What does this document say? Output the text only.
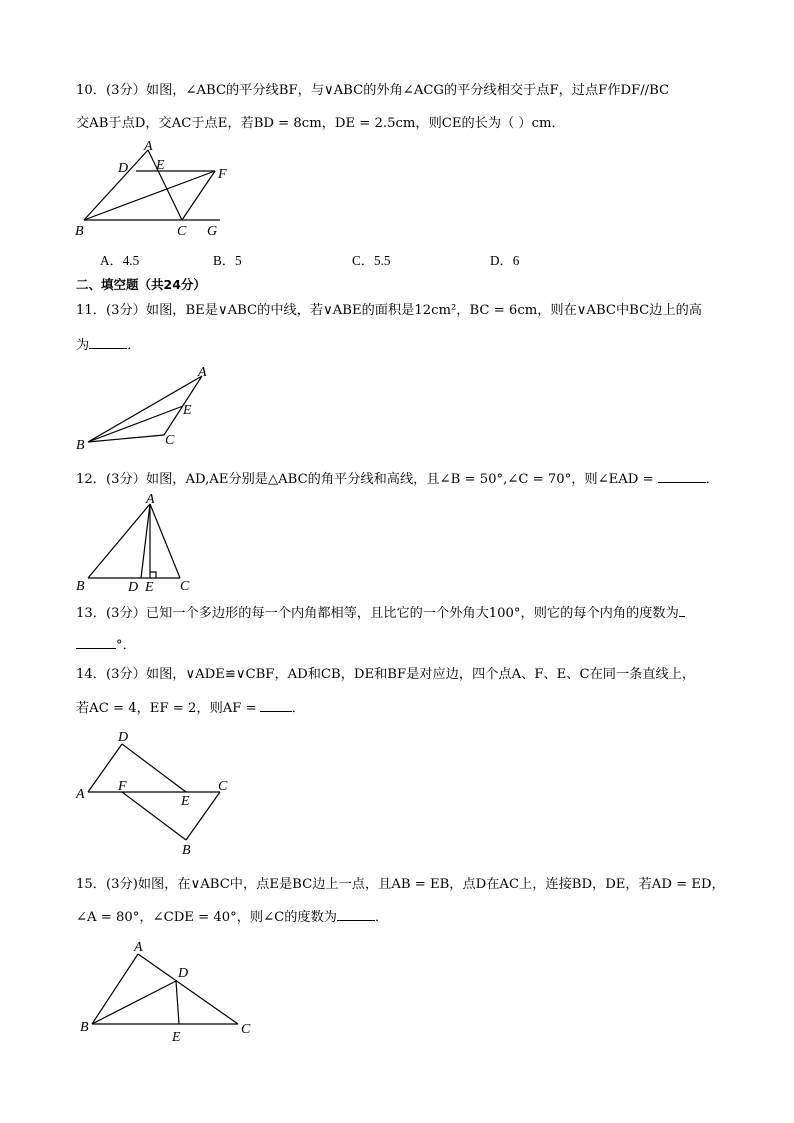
10．(3分）如图，∠ABC的平分线BF，与∨ABC的外角∠ACG的平分线相交于点F，过点F作DF//BC
交AB于点D，交AC于点E，若BD = 8cm，DE = 2.5cm，则CE的长为（ ）cm．
A
D E
F
B	C G
A．4.5	B．5	C．5.5	D．6
二、填空题（共24分）
11．(3分）如图，BE是∨ABC的中线，若∨ABE的面积是12cm²，BC = 6cm，则在∨ABC中BC边上的高
为	．
A
E
B	C
12．(3分）如图，AD,AE分别是△ABC的角平分线和高线，且∠B = 50°,∠C = 70°，则∠EAD =	．
A
B	D E C
13．(3分）已知一个多边形的每一个内角都相等，且比它的一个外角大100°，则它的每个内角的度数为
°．
14．(3分）如图，∨ADE≌∨CBF，AD和CB，DE和BF是对应边，四个点A、F、E、C在同一条直线上，
若AC = 4，EF = 2，则AF =	．
D
A
F
E
C
B
15．(3分)如图，在∨ABC中，点E是BC边上一点，且AB = EB，点D在AC上，连接BD，DE，若AD = ED，
∠A = 80°，∠CDE = 40°，则∠C的度数为	．
A
D
B
E
C
